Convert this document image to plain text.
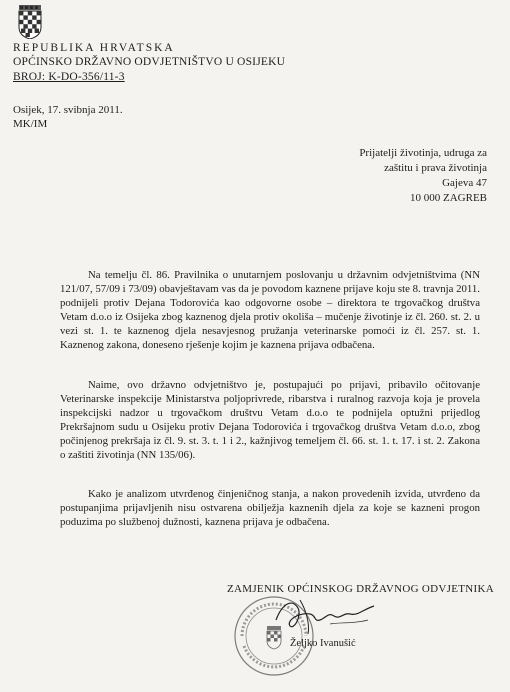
REPUBLIKA HRVATSKA

OPĆINSKO DRŽAVNO ODVJETNIŠTVO U OSIJEKU

BROJ: K-DO-356/11-3

Osijek, 17. svibnja 2011.
MK/IM
Prijatelji životinja, udruga za
zaštitu i prava životinja
Gajeva 47
10 000 ZAGREB

Na temelju čl. 86. Pravilnika o unutarnjem poslovanju u državnim odvjetništvima (NN 121/07, 57/09 i 73/09) obavještavam vas da je povodom kaznene prijave koju ste 8. travnja 2011. podnijeli protiv Dejana Todorovića kao odgovorne osobe – direktora te trgovačkog društva Vetam d.o.o iz Osijeka zbog kaznenog djela protiv okoliša – mučenje životinje iz čl. 260. st. 2. u vezi st. 1. te kaznenog djela nesavjesnog pružanja veterinarske pomoći iz čl. 257. st. 1. Kaznenog zakona, doneseno rješenje kojim je kaznena prijava odbačena.

Naime, ovo državno odvjetništvo je, postupajući po prijavi, pribavilo očitovanje Veterinarske inspekcije Ministarstva poljoprivrede, ribarstva i ruralnog razvoja koja je provela inspekcijski nadzor u trgovačkom društvu Vetam d.o.o te podnijela optužni prijedlog Prekršajnom sudu u Osijeku protiv Dejana Todorovića i trgovačkog društva Vetam d.o.o, zbog počinjenog prekršaja iz čl. 9. st. 3. t. 1 i 2., kažnjivog temeljem čl. 66. st. 1. t. 17. i st. 2. Zakona o zaštiti životinja (NN 135/06).

Kako je analizom utvrđenog činjeničnog stanja, a nakon provedenih izvida, utvrđeno da postupanjima prijavljenih nisu ostvarena obilježja kaznenih djela za koje se kazneni progon poduzima po službenoj dužnosti, kaznena prijava je odbačena.

ZAMJENIK OPĆINSKOG DRŽAVNOG ODVJETNIKA
Željko Ivanušić
